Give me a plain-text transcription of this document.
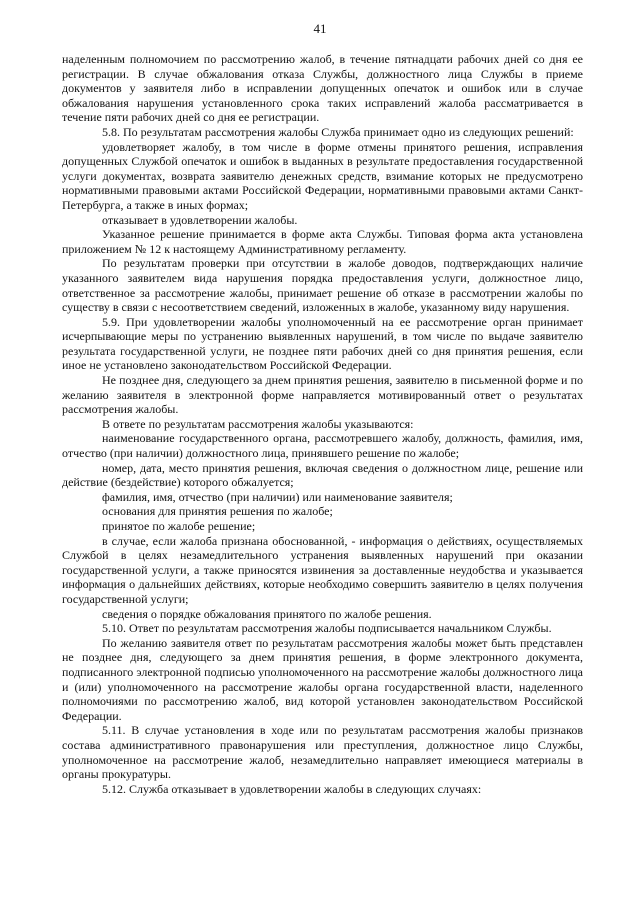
41

наделенным полномочием по рассмотрению жалоб, в течение пятнадцати рабочих дней со дня ее регистрации. В случае обжалования отказа Службы, должностного лица Службы в приеме документов у заявителя либо в исправлении допущенных опечаток и ошибок или в случае обжалования нарушения установленного срока таких исправлений жалоба рассматривается в течение пяти рабочих дней со дня ее регистрации.

5.8. По результатам рассмотрения жалобы Служба принимает одно из следующих решений:

удовлетворяет жалобу, в том числе в форме отмены принятого решения, исправления допущенных Службой опечаток и ошибок в выданных в результате предоставления государственной услуги документах, возврата заявителю денежных средств, взимание которых не предусмотрено нормативными правовыми актами Российской Федерации, нормативными правовыми актами Санкт-Петербурга, а также в иных формах;

отказывает в удовлетворении жалобы.

Указанное решение принимается в форме акта Службы. Типовая форма акта установлена приложением № 12 к настоящему Административному регламенту.

По результатам проверки при отсутствии в жалобе доводов, подтверждающих наличие указанного заявителем вида нарушения порядка предоставления услуги, должностное лицо, ответственное за рассмотрение жалобы, принимает решение об отказе в рассмотрении жалобы по существу в связи с несоответствием сведений, изложенных в жалобе, указанному виду нарушения.

5.9. При удовлетворении жалобы уполномоченный на ее рассмотрение орган принимает исчерпывающие меры по устранению выявленных нарушений, в том числе по выдаче заявителю результата государственной услуги, не позднее пяти рабочих дней со дня принятия решения, если иное не установлено законодательством Российской Федерации.

Не позднее дня, следующего за днем принятия решения, заявителю в письменной форме и по желанию заявителя в электронной форме направляется мотивированный ответ о результатах рассмотрения жалобы.

В ответе по результатам рассмотрения жалобы указываются:

наименование государственного органа, рассмотревшего жалобу, должность, фамилия, имя, отчество (при наличии) должностного лица, принявшего решение по жалобе;

номер, дата, место принятия решения, включая сведения о должностном лице, решение или действие (бездействие) которого обжалуется;

фамилия, имя, отчество (при наличии) или наименование заявителя;

основания для принятия решения по жалобе;

принятое по жалобе решение;

в случае, если жалоба признана обоснованной, - информация о действиях, осуществляемых Службой в целях незамедлительного устранения выявленных нарушений при оказании государственной услуги, а также приносятся извинения за доставленные неудобства и указывается информация о дальнейших действиях, которые необходимо совершить заявителю в целях получения государственной услуги;

сведения о порядке обжалования принятого по жалобе решения.

5.10. Ответ по результатам рассмотрения жалобы подписывается начальником Службы.

По желанию заявителя ответ по результатам рассмотрения жалобы может быть представлен не позднее дня, следующего за днем принятия решения, в форме электронного документа, подписанного электронной подписью уполномоченного на рассмотрение жалобы должностного лица и (или) уполномоченного на рассмотрение жалобы органа государственной власти, наделенного полномочиями по рассмотрению жалоб, вид которой установлен законодательством Российской Федерации.

5.11. В случае установления в ходе или по результатам рассмотрения жалобы признаков состава административного правонарушения или преступления, должностное лицо Службы, уполномоченное на рассмотрение жалоб, незамедлительно направляет имеющиеся материалы в органы прокуратуры.

5.12. Служба отказывает в удовлетворении жалобы в следующих случаях:
